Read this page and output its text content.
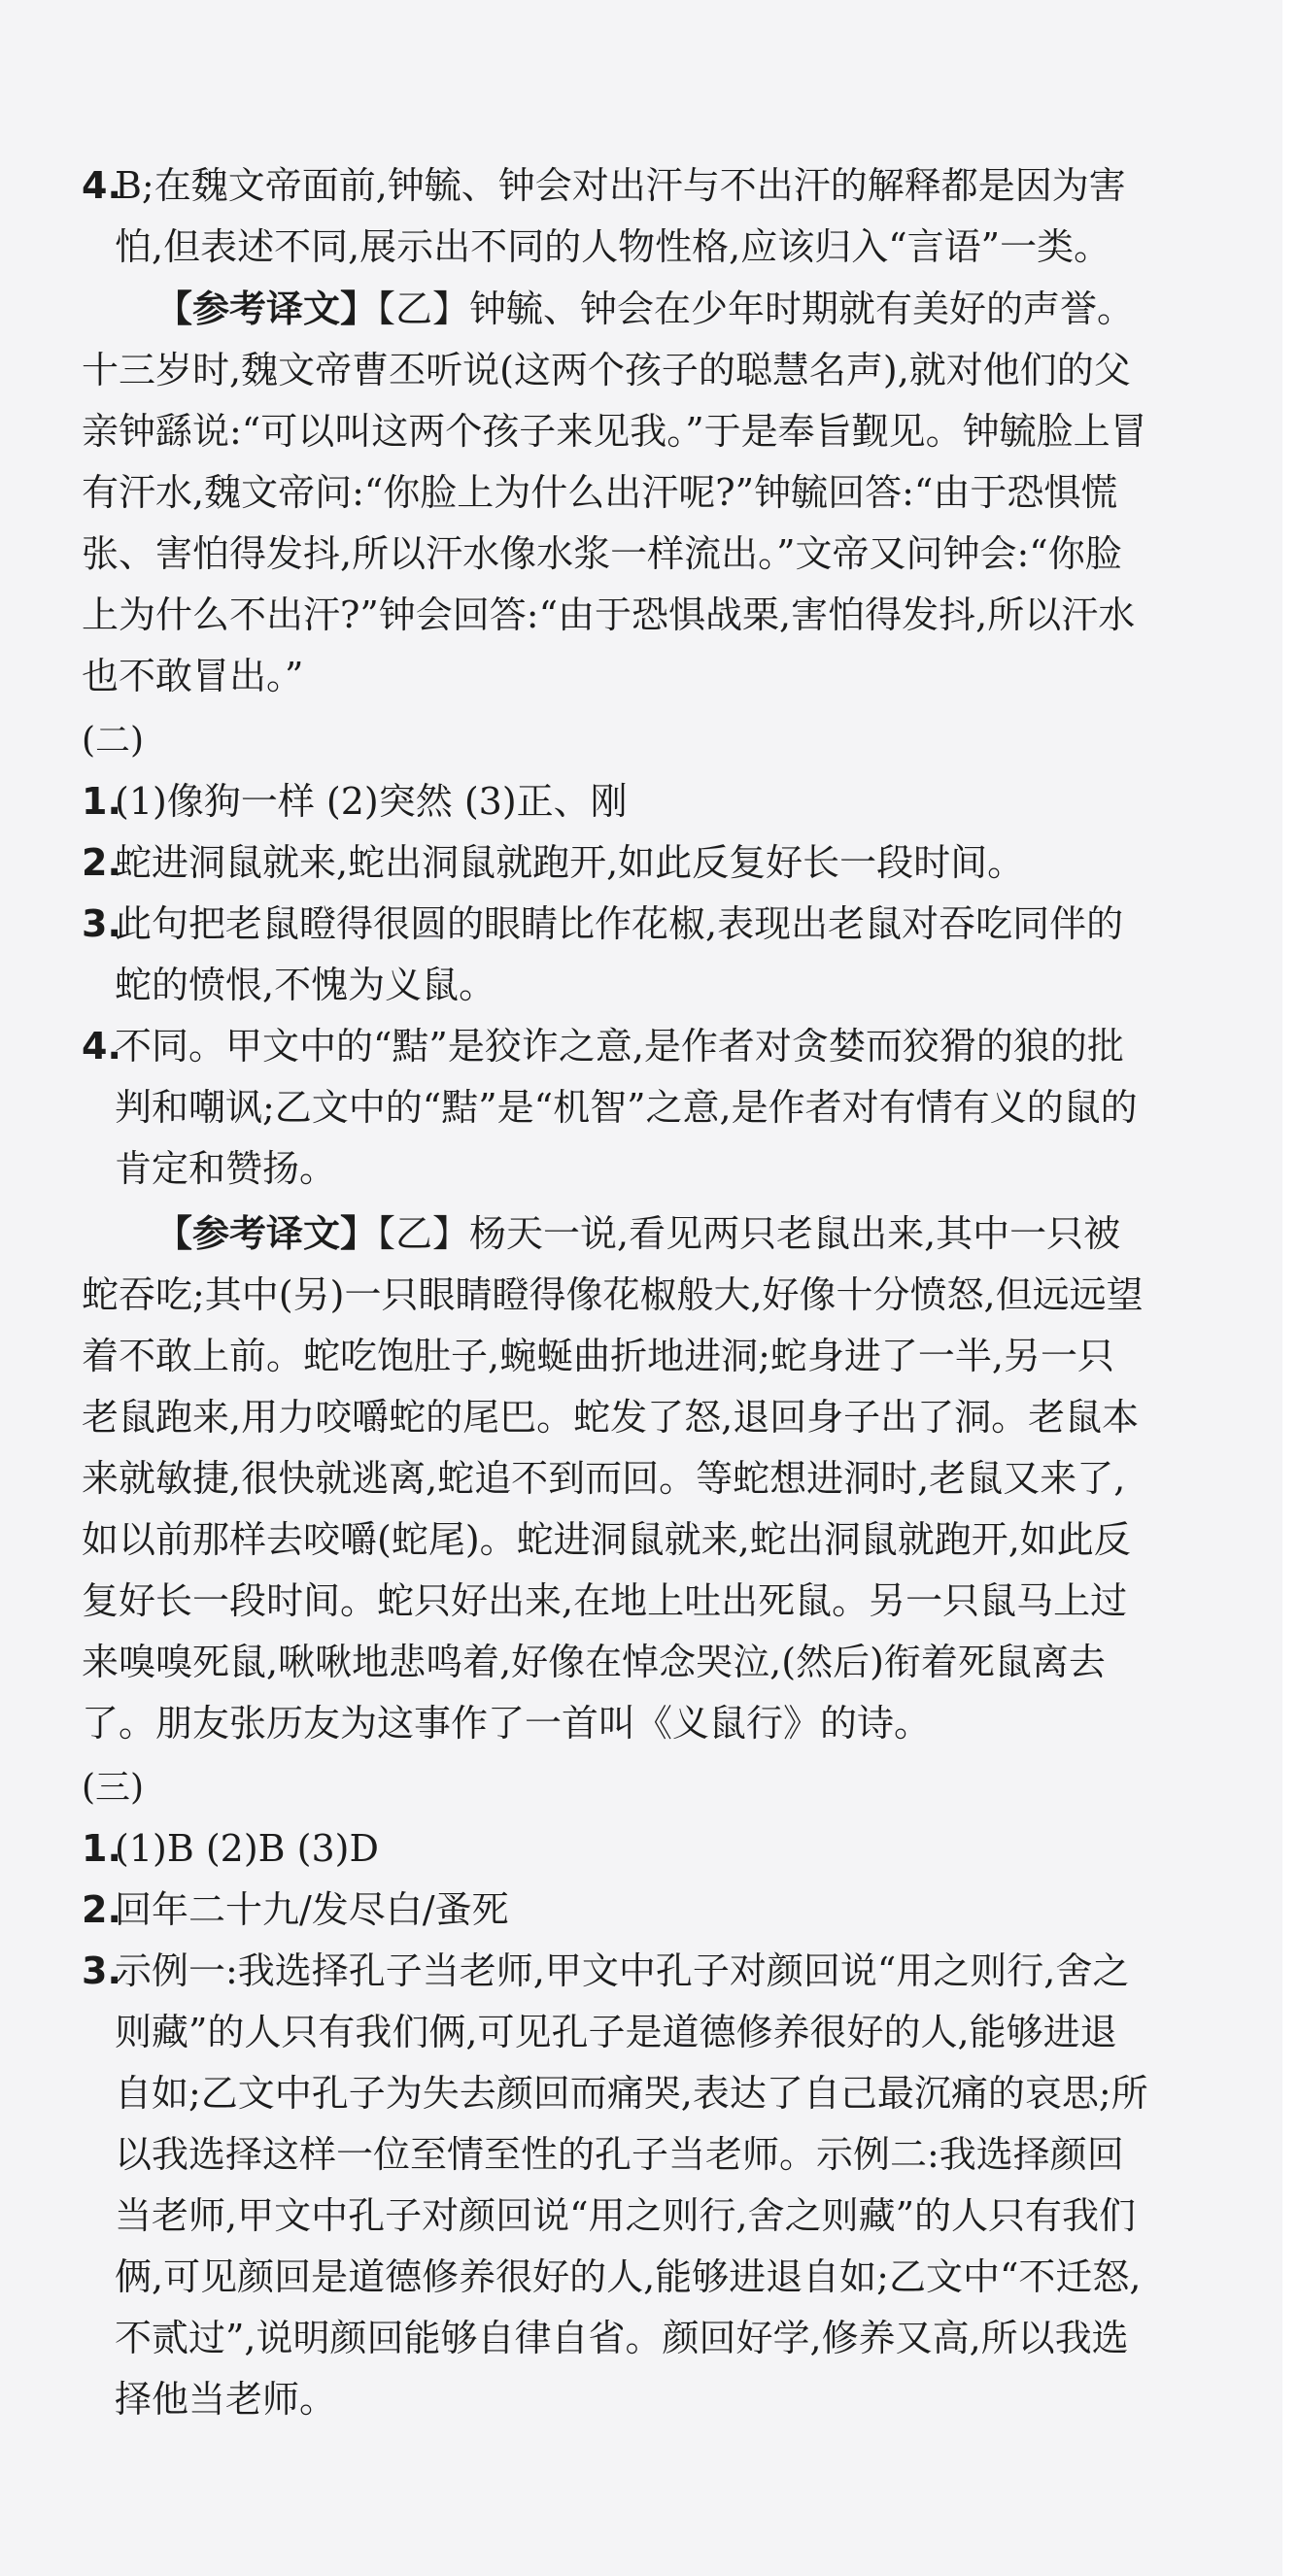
4.
B;在魏文帝面前,钟毓、钟会对出汗与不出汗的解释都是因为害怕,但表述不同,展示出不同的人物性格,应该归入“言语”一类。
【参考译文】【乙】钟毓、钟会在少年时期就有美好的声誉。十三岁时,魏文帝曹丕听说(这两个孩子的聪慧名声),就对他们的父亲钟繇说:“可以叫这两个孩子来见我。”于是奉旨觐见。钟毓脸上冒有汗水,魏文帝问:“你脸上为什么出汗呢?”钟毓回答:“由于恐惧慌张、害怕得发抖,所以汗水像水浆一样流出。”文帝又问钟会:“你脸上为什么不出汗?”钟会回答:“由于恐惧战栗,害怕得发抖,所以汗水也不敢冒出。”
(二)
1.
(1)像狗一样 (2)突然 (3)正、刚
2.
蛇进洞鼠就来,蛇出洞鼠就跑开,如此反复好长一段时间。
3.
此句把老鼠瞪得很圆的眼睛比作花椒,表现出老鼠对吞吃同伴的蛇的愤恨,不愧为义鼠。
4.
不同。甲文中的“黠”是狡诈之意,是作者对贪婪而狡猾的狼的批判和嘲讽;乙文中的“黠”是“机智”之意,是作者对有情有义的鼠的肯定和赞扬。
【参考译文】【乙】杨天一说,看见两只老鼠出来,其中一只被蛇吞吃;其中(另)一只眼睛瞪得像花椒般大,好像十分愤怒,但远远望着不敢上前。蛇吃饱肚子,蜿蜒曲折地进洞;蛇身进了一半,另一只老鼠跑来,用力咬嚼蛇的尾巴。蛇发了怒,退回身子出了洞。老鼠本来就敏捷,很快就逃离,蛇追不到而回。等蛇想进洞时,老鼠又来了,如以前那样去咬嚼(蛇尾)。蛇进洞鼠就来,蛇出洞鼠就跑开,如此反复好长一段时间。蛇只好出来,在地上吐出死鼠。另一只鼠马上过来嗅嗅死鼠,啾啾地悲鸣着,好像在悼念哭泣,(然后)衔着死鼠离去了。朋友张历友为这事作了一首叫《义鼠行》的诗。
(三)
1.
(1)B (2)B (3)D
2.
回年二十九/发尽白/蚤死
3.
示例一:我选择孔子当老师,甲文中孔子对颜回说“用之则行,舍之则藏”的人只有我们俩,可见孔子是道德修养很好的人,能够进退自如;乙文中孔子为失去颜回而痛哭,表达了自己最沉痛的哀思;所以我选择这样一位至情至性的孔子当老师。示例二:我选择颜回当老师,甲文中孔子对颜回说“用之则行,舍之则藏”的人只有我们俩,可见颜回是道德修养很好的人,能够进退自如;乙文中“不迁怒,不贰过”,说明颜回能够自律自省。颜回好学,修养又高,所以我选择他当老师。
